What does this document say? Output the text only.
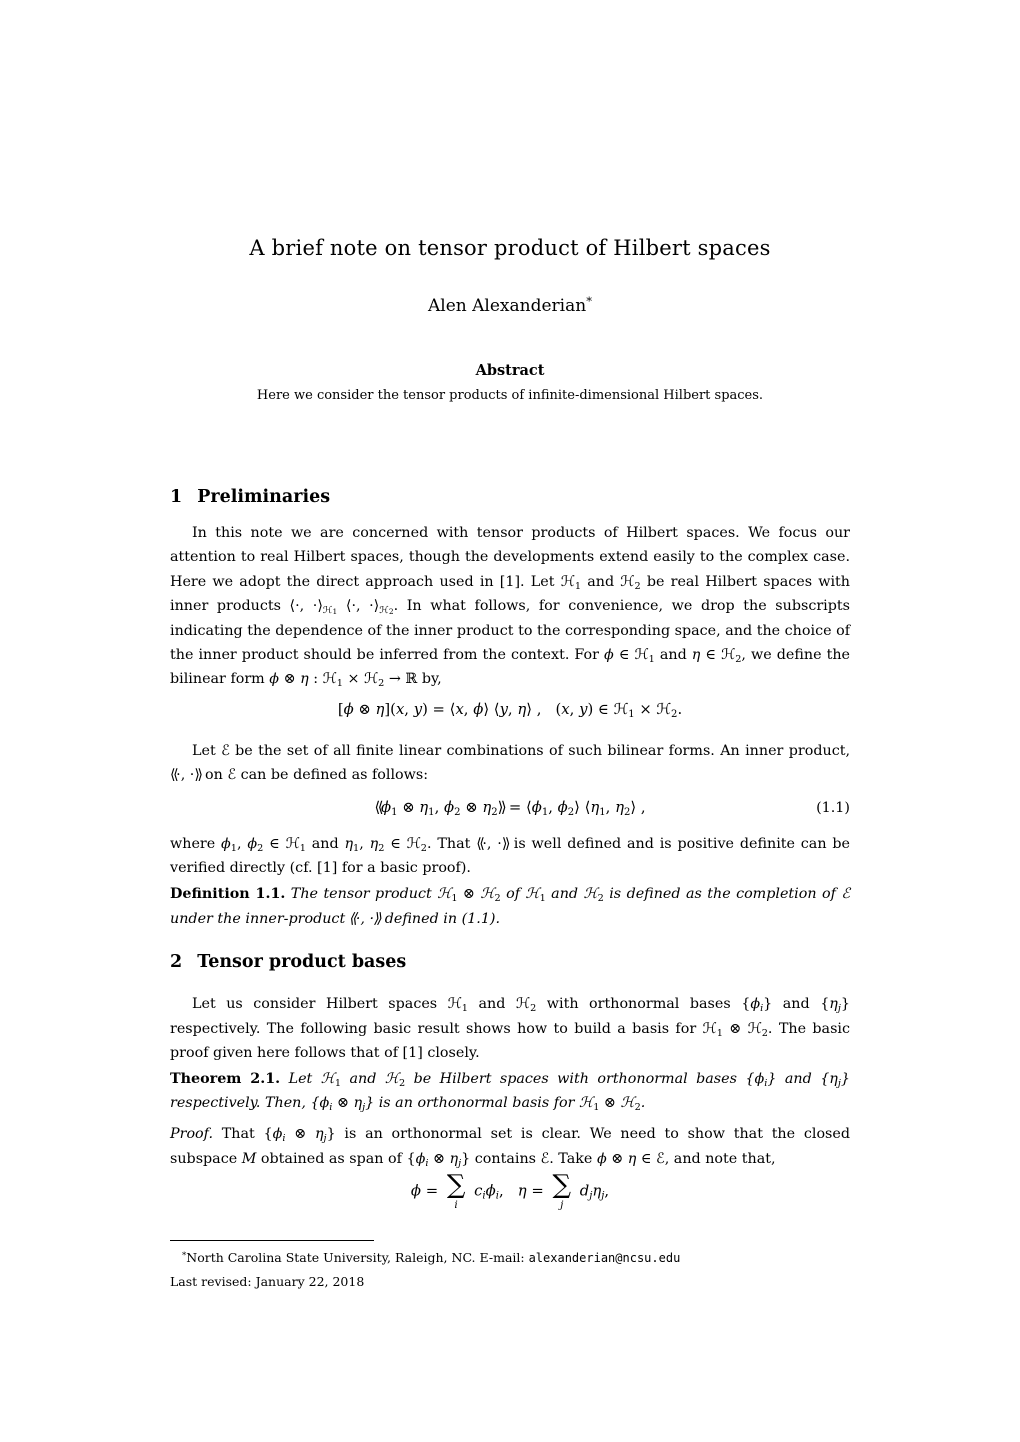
A brief note on tensor product of Hilbert spaces
Alen Alexanderian*
Abstract
Here we consider the tensor products of infinite-dimensional Hilbert spaces.
1 Preliminaries

In this note we are concerned with tensor products of Hilbert spaces. We focus our attention to real Hilbert spaces, though the developments extend easily to the complex case. Here we adopt the direct approach used in [1]. Let ℋ$_1$ and ℋ$_2$ be real Hilbert spaces with inner products ⟨·, $\cdot⟩_{ℋ1}$ ⟨·, $\cdot⟩_{ℋ2}$. In what follows, for convenience, we drop the subscripts indicating the dependence of the inner product to the corresponding space, and the choice of the inner product should be inferred from the context. For ϕ ∈ ℋ$_1$ and η ∈ ℋ$_2$, we define the bilinear form ϕ ⊗ η : ℋ$_1$ × ℋ$_2$ → ℝ by,

[ϕ ⊗ η](x, y) = ⟨x, ϕ⟩ ⟨y, η⟩ ,   (x, y) ∈ ℋ$_1$ × ℋ$_2$.

Let ℰ be the set of all finite linear combinations of such bilinear forms. An inner product, ⟨⟨·, ·⟩⟩ on ℰ can be defined as follows:

$⟨⟨\phi_1$ ⊗ $\eta_1$, $\phi_2$ ⊗ $\eta_2⟩⟩$ = $⟨\phi_1$, $\phi_2⟩$ $⟨\eta_1$, $\eta_2⟩$ ,	(1.1)

where $\phi_1$, $\phi_2$ ∈ ℋ$_1$ and $\eta_1$, $\eta_2$ ∈ ℋ$_2$. That ⟨⟨·, ·⟩⟩ is well defined and is positive definite can be verified directly (cf. [1] for a basic proof).

Definition 1.1. The tensor product ℋ$_1$ ⊗ ℋ$_2$ of ℋ$_1$ and ℋ$_2$ is defined as the completion of ℰ under the inner-product ⟨⟨·, ·⟩⟩ defined in (1.1).

2 Tensor product bases

Let us consider Hilbert spaces ℋ$_1$ and ℋ$_2$ with orthonormal bases $\{\phi_i\}$ and $\{\eta_j\}$ respectively. The following basic result shows how to build a basis for ℋ$_1$ ⊗ ℋ$_2$. The basic proof given here follows that of [1] closely.

Theorem 2.1. Let ℋ$_1$ and ℋ$_2$ be Hilbert spaces with orthonormal bases $\{\phi_i\}$ and $\{\eta_j\}$ respectively. Then, {$\phi_i$ ⊗ $\eta_j$} is an orthonormal basis for ℋ$_1$ ⊗ ℋ$_2$.

Proof. That {$\phi_i$ ⊗ $\eta_j$} is an orthonormal set is clear. We need to show that the closed subspace M obtained as span of {$\phi_i$ ⊗ $\eta_j$} contains ℰ. Take ϕ ⊗ η ∈ ℰ, and note that,

ϕ = ∑
i
$c_i\phi_i$, η = ∑
j
$d_j\eta_j$,
*North Carolina State University, Raleigh, NC. E-mail: alexanderian@ncsu.edu
Last revised: January 22, 2018
